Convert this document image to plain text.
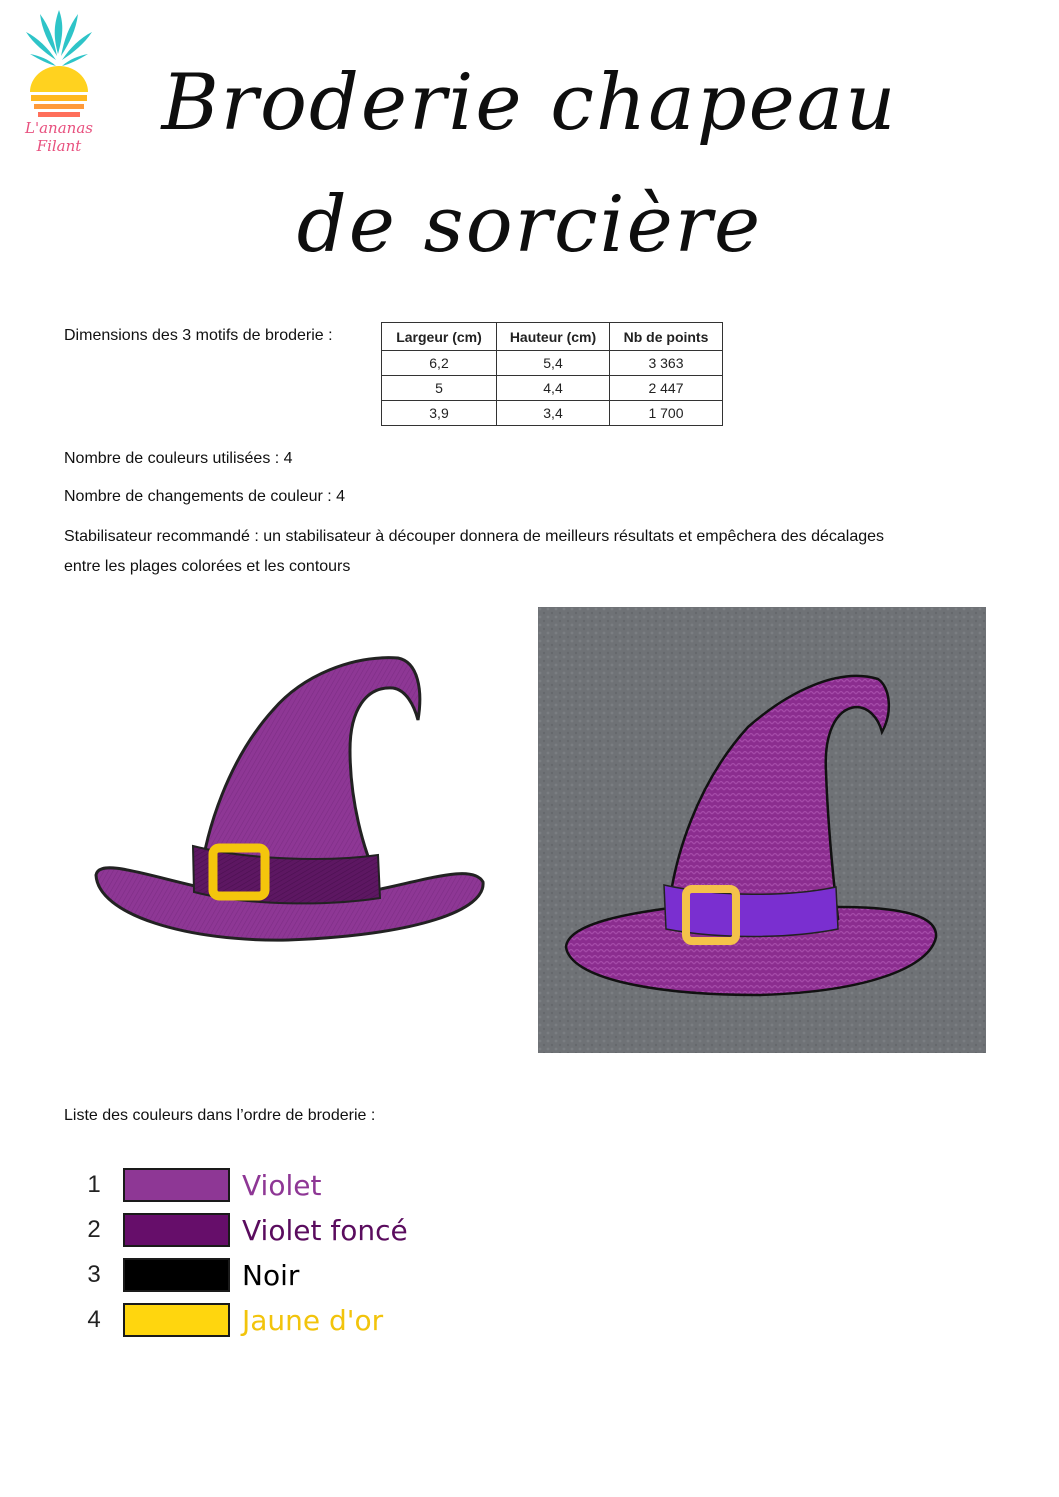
L'ananas
Filant	Broderie chapeau
de sorcière
Dimensions des 3 motifs de broderie :	Largeur (cm)	Hauteur (cm)	Nb de points
6,2	5,4	3 363
5	4,4	2 447
3,9	3,4	1 700
Nombre de couleurs utilisées : 4
Nombre de changements de couleur : 4
Stabilisateur recommandé : un stabilisateur à découper donnera de meilleurs résultats et empêchera des décalages
entre les plages colorées et les contours
Liste des couleurs dans l’ordre de broderie :
1	Violet
2	Violet foncé
3	Noir
4	Jaune d'or
